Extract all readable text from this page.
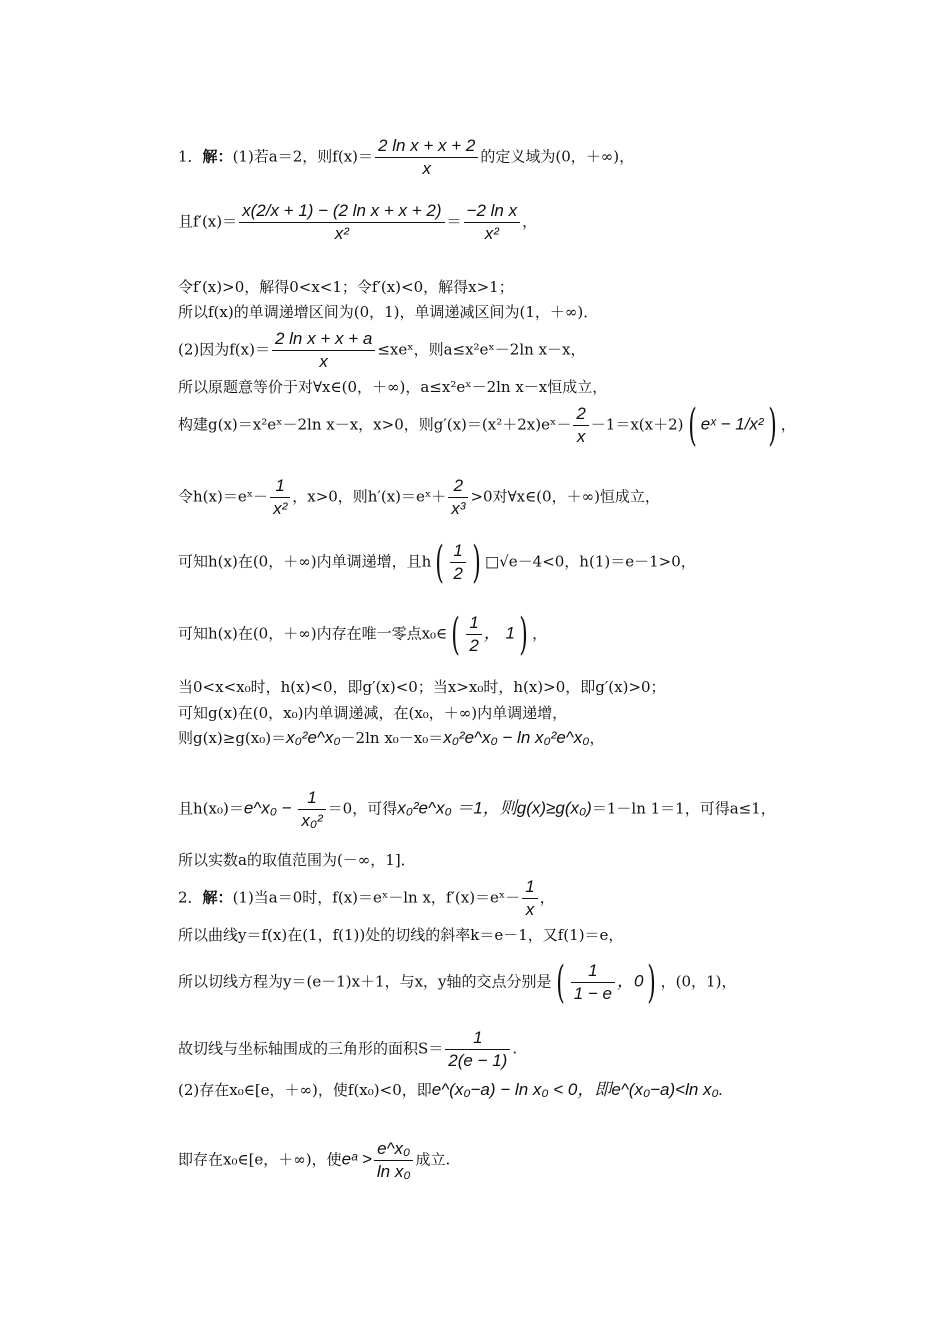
1．解：(1)若a＝2，则$f(x)= \frac{\text{2 ln x + x + 2}}{x}$ 的定义域为(0，＋∞)，
且$f'(x)= \frac{\text{x(2/x + 1) − (2 ln x + x + 2)}}{\text{x²}} = \frac{\text{−2 ln x}}{\text{x²}}$ ，
令f′(x)>0，解得0<x<1；令f′(x)<0，解得x>1；
所以f(x)的单调递增区间为(0，1)，单调递减区间为(1，＋∞)．
(2)因为$f(x)= \frac{\text{2 ln x + x + a}}{x}$ ≤xeˣ，则a≤x²eˣ－2ln x－x，
所以原题意等价于对∀x∈(0，＋∞)，a≤x²eˣ－2ln x－x恒成立，
构建g(x)＝x²eˣ－2ln x－x，x>0，则g′(x)＝(x²＋2x)eˣ－ $\frac{2}{x} -1=x(x+2)$( eˣ − 1/x²) ，
令h(x)＝eˣ－ $\frac{1}{\text{x²}}$ ，x>0，则h′(x)＝eˣ＋ $\frac{2}{\text{x³}} >0$对∀x∈(0，＋∞)恒成立，
可知h(x)在(0，＋∞)内单调递增，且$h( \frac{1}{2}$ ) □√e－4<0，h(1)＝e－1>0，
可知h(x)在(0，＋∞)内存在唯一零点x₀∈( $\frac{1}{2}$ ， 1) ，
当0<x<x₀时，h(x)<0，即g′(x)<0；当x>x₀时，h(x)>0，即g′(x)>0；
可知g(x)在(0，x₀)内单调递减，在(x₀，＋∞)内单调递增，
则g(x)≥g(x₀)＝x₀²e^x₀－2ln x₀－x₀＝x₀²e^x₀ − ln x₀²e^x₀，
且h(x₀)＝e^x₀ − $\frac{1}{\text{x₀²}} =0$，可得x₀²e^x₀ ＝1，则g(x)≥g(x₀)＝1－ln 1＝1，可得a≤1，
所以实数a的取值范围为(－∞，1]．
2．解：(1)当a＝0时，f(x)＝eˣ－ln x，f′(x)＝eˣ－ $\frac{1}{x}$ ，
所以曲线y＝f(x)在(1，f(1))处的切线的斜率k＝e－1，又f(1)＝e，
所以切线方程为y＝(e－1)x＋1，与x，y轴的交点分别是( $\frac{1}{1 - e}$ ，0) ，(0，1)，
故切线与坐标轴围成的三角形的面积$S= \frac{1}{2(e - 1)}$ .
(2)存在x₀∈[e，＋∞)，使f(x₀)<0，即e^(x₀−a) − ln x₀ < 0，即e^(x₀−a)<ln x₀.
即存在x₀∈[e，＋∞)，使eᵃ > $\frac{\text{e\textasciicircum{}x₀}}{\text{ln x₀}}$ 成立.
